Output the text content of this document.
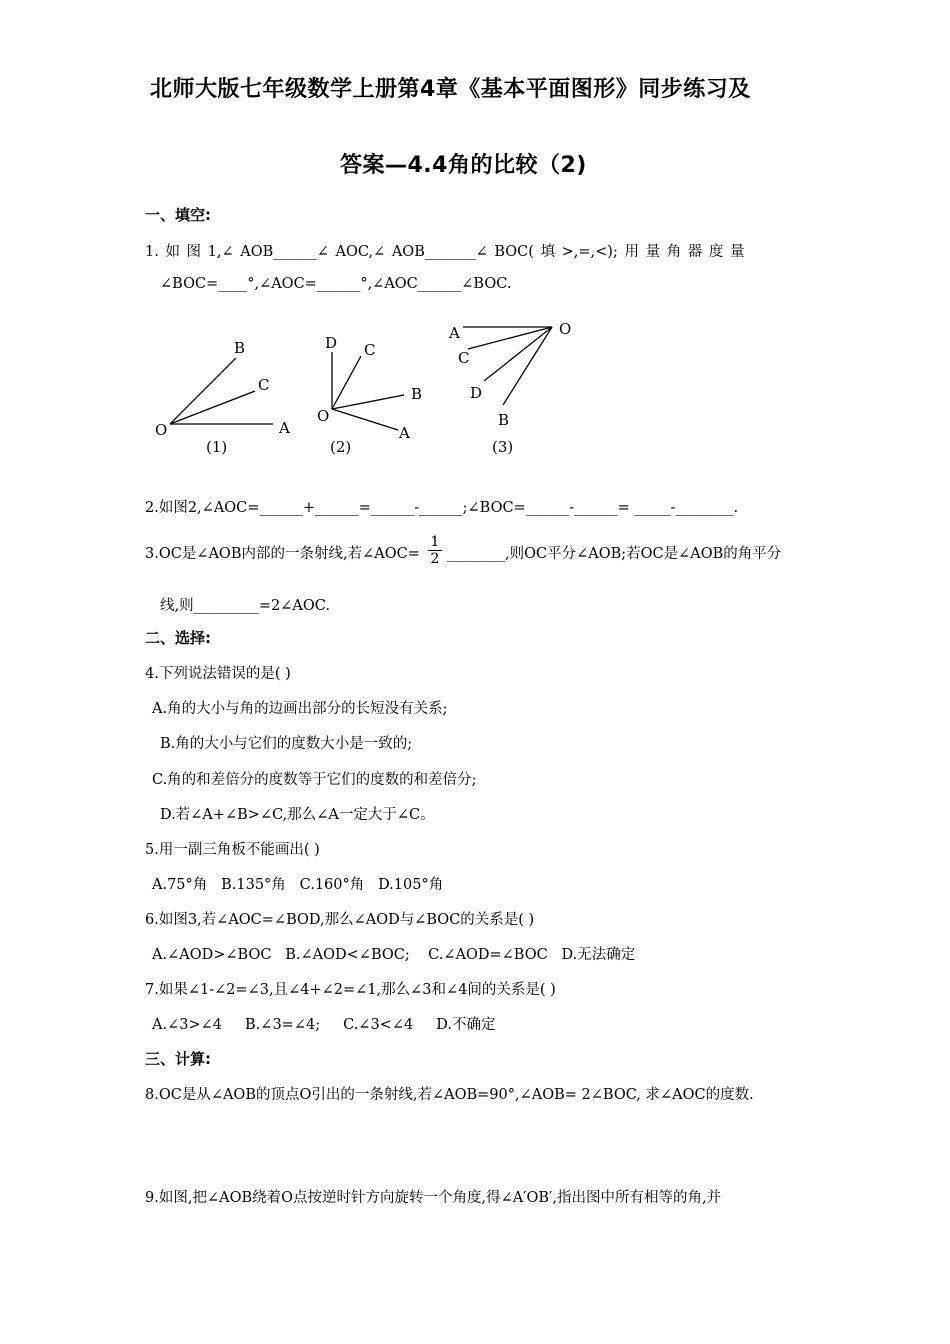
北师大版七年级数学上册第4章《基本平面图形》同步练习及
答案—4.4角的比较（2)
一、填空:
1. 如 图 1,∠ AOB______∠ AOC,∠ AOB_______∠ BOC( 填 >,=,<); 用 量 角 器 度 量
∠BOC=____°,∠AOC=______°,∠AOC______∠BOC.
O	A
B
C
(1)
O
D C
B
A
(2)
O
A
C
D
B
(3)
2.如图2,∠AOC=______+______=______-______;∠BOC=______-______= _____-________.
3.OC是∠AOB内部的一条射线,若∠AOC= $\frac{1}{2}$ ________,则OC平分∠AOB;若OC是∠AOB的角平分
线,则_________=2∠AOC.
二、选择:
4.下列说法错误的是( )
A.角的大小与角的边画出部分的长短没有关系;
B.角的大小与它们的度数大小是一致的;
C.角的和差倍分的度数等于它们的度数的和差倍分;
D.若∠A+∠B>∠C,那么∠A一定大于∠C。
5.用一副三角板不能画出( )
A.75°角   B.135°角   C.160°角   D.105°角
6.如图3,若∠AOC=∠BOD,那么∠AOD与∠BOC的关系是( )
A.∠AOD>∠BOC   B.∠AOD<∠BOC;    C.∠AOD=∠BOC   D.无法确定
7.如果∠1-∠2=∠3,且∠4+∠2=∠1,那么∠3和∠4间的关系是( )
A.∠3>∠4     B.∠3=∠4;     C.∠3<∠4     D.不确定
三、计算:
8.OC是从∠AOB的顶点O引出的一条射线,若∠AOB=90°,∠AOB= 2∠BOC, 求∠AOC的度数.
9.如图,把∠AOB绕着O点按逆时针方向旋转一个角度,得∠A′OB′,指出图中所有相等的角,并
